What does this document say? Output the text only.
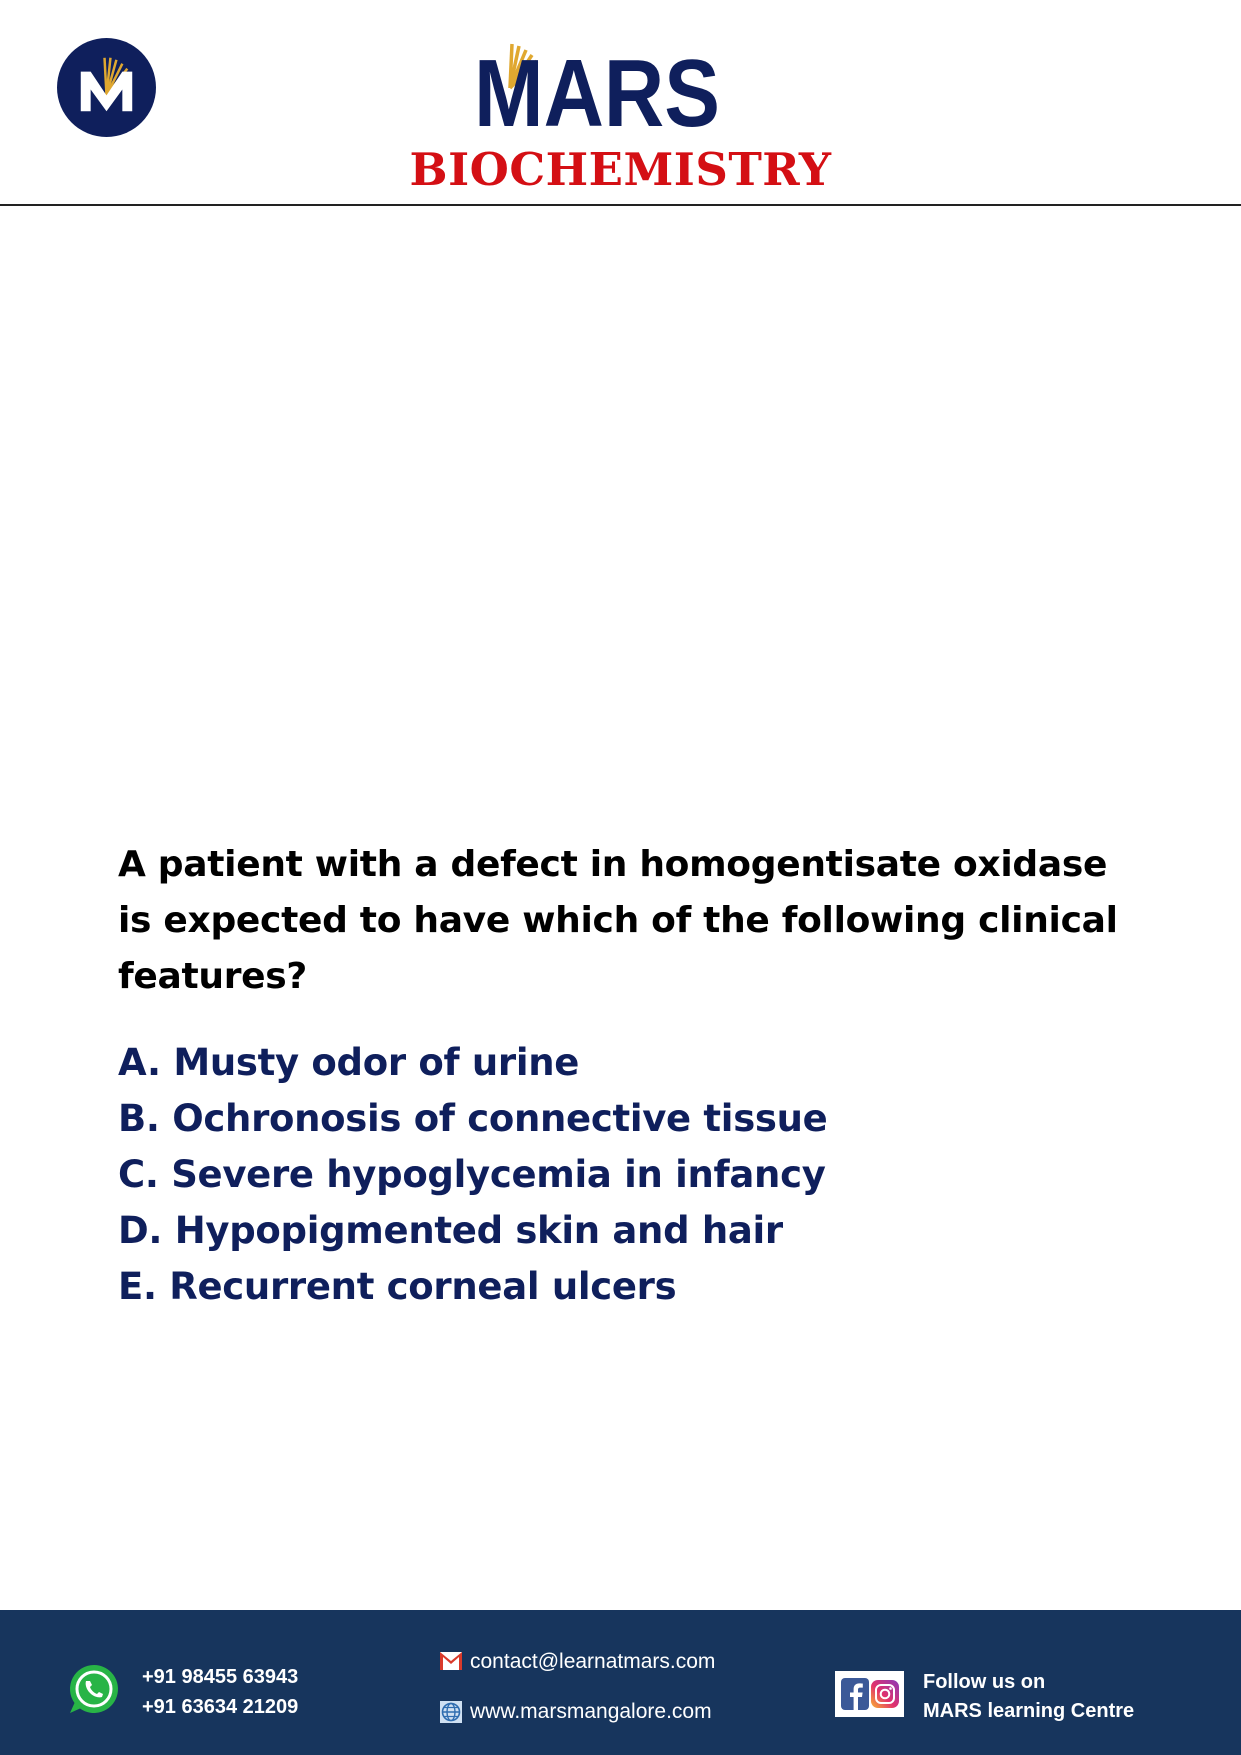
MARS
BIOCHEMISTRY

A patient with a defect in homogentisate oxidase is expected to have which of the following clinical features?

A. Musty odor of urine
B. Ochronosis of connective tissue
C. Severe hypoglycemia in infancy
D. Hypopigmented skin and hair
E. Recurrent corneal ulcers
+91 98455 63943
+91 63634 21209
contact@learnatmars.com
www.marsmangalore.com
Follow us on
MARS learning Centre
